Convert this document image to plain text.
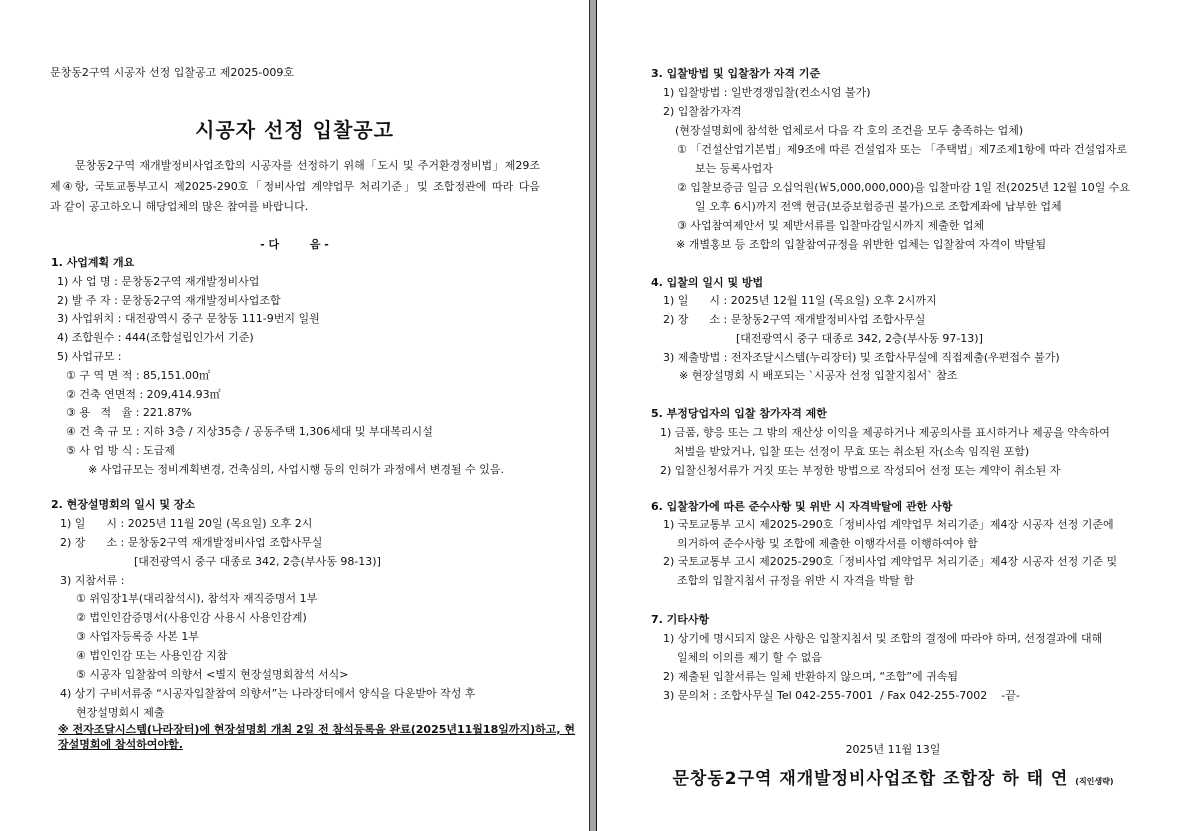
문창동2구역 시공자 선정 입찰공고 제2025-009호
시공자 선정 입찰공고
문창동2구역 재개발정비사업조합의 시공자를 선정하기 위해「도시 및 주거환경정비법」제29조
제④항, 국토교통부고시 제2025-290호「정비사업 계약업무 처리기준」및 조합정관에 따라 다음
과 같이 공고하오니 해당업체의 많은 참여를 바랍니다.
- 다        음 -
1. 사업계획 개요
1) 사 업 명 : 문창동2구역 재개발정비사업
2) 발 주 자 : 문창동2구역 재개발정비사업조합
3) 사업위치 : 대전광역시 중구 문창동 111-9번지 일원
4) 조합원수 : 444(조합설립인가서 기준)
5) 사업규모 :
① 구 역 면 적 : 85,151.00㎡
② 건축 연면적 : 209,414.93㎡
③ 용   적   율 : 221.87%
④ 건 축 규 모 : 지하 3층 / 지상35층 / 공동주택 1,306세대 및 부대복리시설
⑤ 사 업 방 식 : 도급제
※ 사업규모는 정비계획변경, 건축심의, 사업시행 등의 인허가 과정에서 변경될 수 있음.
2. 현장설명회의 일시 및 장소
1) 일      시 : 2025년 11월 20일 (목요일) 오후 2시
2) 장      소 : 문창동2구역 재개발정비사업 조합사무실
[대전광역시 중구 대종로 342, 2층(부사동 98-13)]
3) 지참서류 :
① 위임장1부(대리참석시), 참석자 재직증명서 1부
② 법인인감증명서(사용인감 사용시 사용인감계)
③ 사업자등록증 사본 1부
④ 법인인감 또는 사용인감 지참
⑤ 시공자 입찰참여 의향서 <별지 현장설명회참석 서식>
4) 상기 구비서류중 “시공자입찰참여 의향서”는 나라장터에서 양식을 다운받아 작성 후
현장설명회시 제출
※ 전자조달시스템(나라장터)에 현장설명회 개최 2일 전 참석등록을 완료(2025년11월18일까지)하고, 현
장설명회에 참석하여야함.
3. 입찰방법 및 입찰참가 자격 기준
1) 입찰방법 : 일반경쟁입찰(컨소시엄 불가)
2) 입찰참가자격
(현장설명회에 참석한 업체로서 다음 각 호의 조건을 모두 충족하는 업체)
① 「건설산업기본법」제9조에 따른 건설업자 또는 「주택법」제7조제1항에 따라 건설업자로
보는 등록사업자
② 입찰보증금 일금 오십억원(￦5,000,000,000)을 입찰마감 1일 전(2025년 12월 10일 수요
일 오후 6시)까지 전액 현금(보증보험증권 불가)으로 조합계좌에 납부한 업체
③ 사업참여제안서 및 제반서류를 입찰마감일시까지 제출한 업체
※ 개별홍보 등 조합의 입찰참여규정을 위반한 업체는 입찰참여 자격이 박탈됨
4. 입찰의 일시 및 방법
1) 일      시 : 2025년 12월 11일 (목요일) 오후 2시까지
2) 장      소 : 문창동2구역 재개발정비사업 조합사무실
[대전광역시 중구 대종로 342, 2층(부사동 97-13)]
3) 제출방법 : 전자조달시스템(누리장터) 및 조합사무실에 직접제출(우편접수 불가)
※ 현장설명회 시 배포되는 `시공자 선정 입찰지침서` 참조
5. 부정당업자의 입찰 참가자격 제한
1) 금품, 향응 또는 그 밖의 재산상 이익을 제공하거나 제공의사를 표시하거나 제공을 약속하여
처벌을 받았거나, 입찰 또는 선정이 무효 또는 취소된 자(소속 임직원 포함)
2) 입찰신청서류가 거짓 또는 부정한 방법으로 작성되어 선정 또는 계약이 취소된 자
6. 입찰참가에 따른 준수사항 및 위반 시 자격박탈에 관한 사항
1) 국토교통부 고시 제2025-290호「정비사업 계약업무 처리기준」제4장 시공자 선정 기준에
의거하여 준수사항 및 조합에 제출한 이행각서를 이행하여야 함
2) 국토교통부 고시 제2025-290호「정비사업 계약업무 처리기준」제4장 시공자 선정 기준 및
조합의 입찰지침서 규정을 위반 시 자격을 박탈 함
7. 기타사항
1) 상기에 명시되지 않은 사항은 입찰지침서 및 조합의 결정에 따라야 하며, 선정결과에 대해
일체의 이의를 제기 할 수 없음
2) 제출된 입찰서류는 일체 반환하지 않으며, “조합”에 귀속됨
3) 문의처 : 조합사무실 Tel 042-255-7001  / Fax 042-255-7002    -끝-
2025년 11월 13일
문창동2구역 재개발정비사업조합 조합장 하 태 연 (직인생략)
